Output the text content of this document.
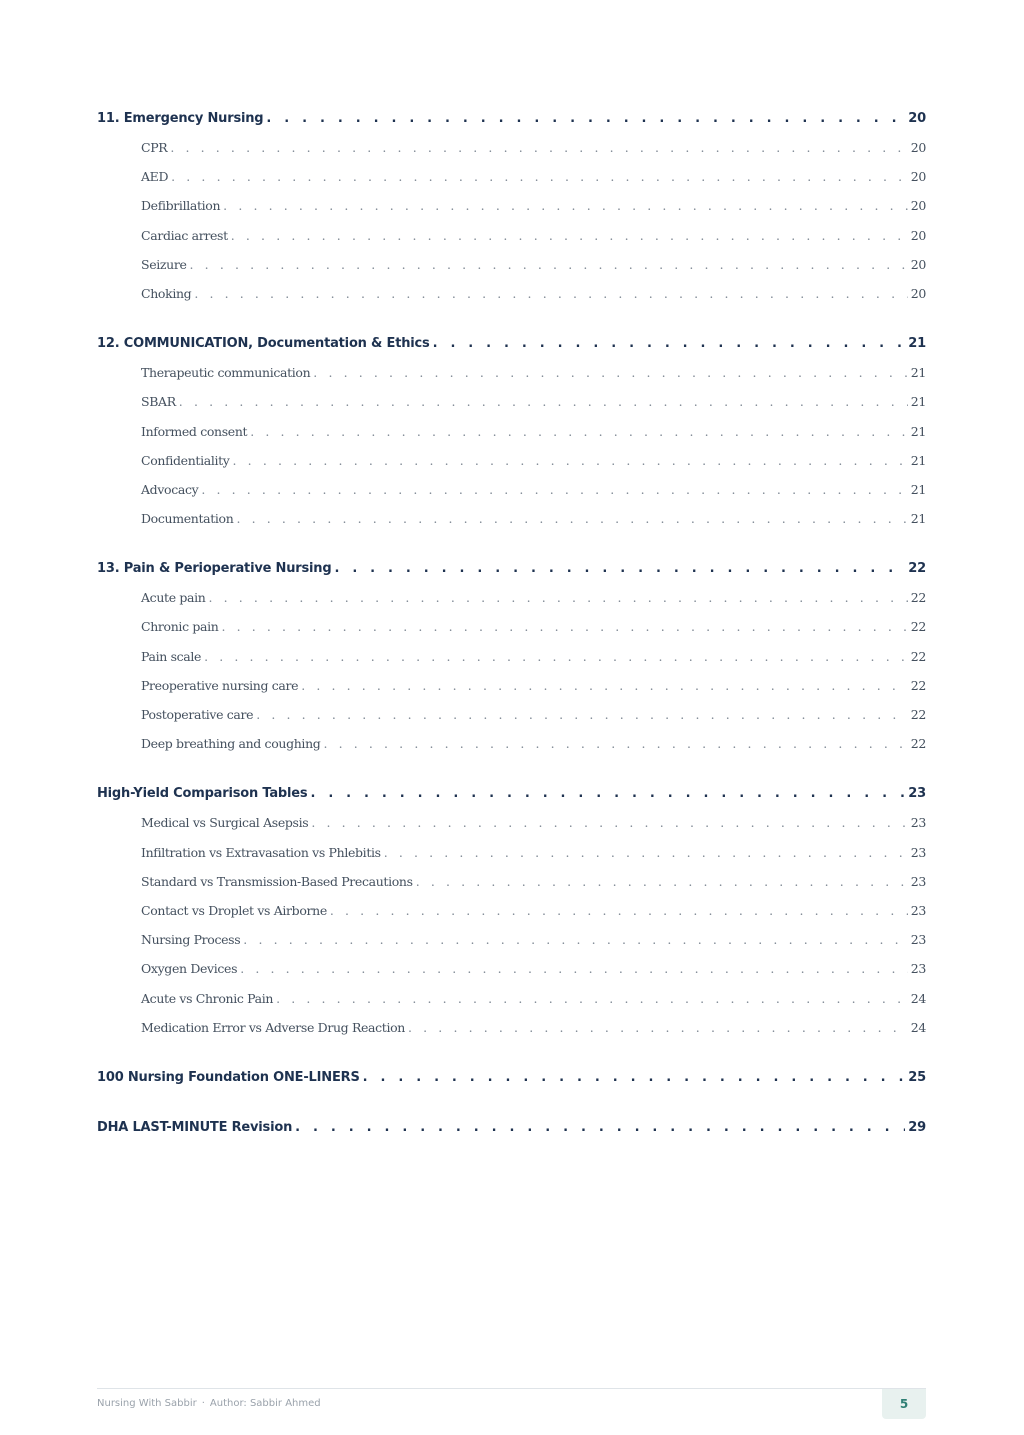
11. Emergency Nursing . . .	20
CPR . . .	20
AED . . .	20
Defibrillation . . .	20
Cardiac arrest . . .	20
Seizure . . .	20
Choking . . .	20
12. COMMUNICATION, Documentation & Ethics . . .	21
Therapeutic communication . . .	21
SBAR . . .	21
Informed consent . . .	21
Confidentiality . . .	21
Advocacy . . .	21
Documentation . . .	21
13. Pain & Perioperative Nursing . . .	22
Acute pain . . .	22
Chronic pain . . .	22
Pain scale . . .	22
Preoperative nursing care . . .	22
Postoperative care . . .	22
Deep breathing and coughing . . .	22
High-Yield Comparison Tables . . .	23
Medical vs Surgical Asepsis . . .	23
Infiltration vs Extravasation vs Phlebitis . . .	23
Standard vs Transmission-Based Precautions . . .	23
Contact vs Droplet vs Airborne . . .	23
Nursing Process . . .	23
Oxygen Devices . . .	23
Acute vs Chronic Pain . . .	24
Medication Error vs Adverse Drug Reaction . . .	24
100 Nursing Foundation ONE-LINERS . . .	25
DHA LAST-MINUTE Revision . . .	29
Nursing With Sabbir · Author: Sabbir Ahmed	5
